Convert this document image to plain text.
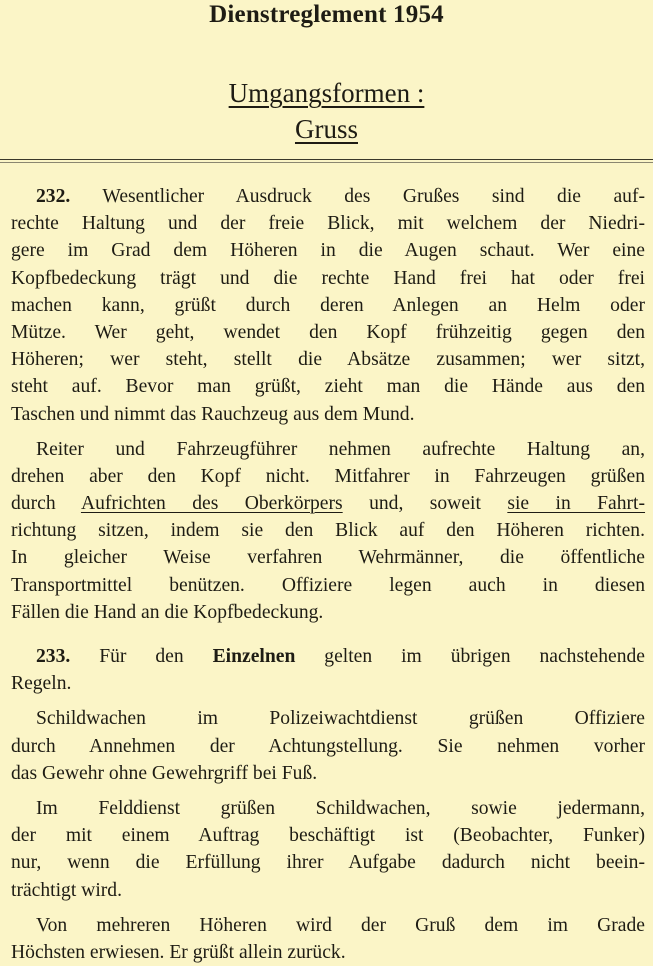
Dienstreglement 1954
Umgangsformen :
Gruss
232. Wesentlicher Ausdruck des Grußes sind die auf-
rechte Haltung und der freie Blick, mit welchem der Niedri-
gere im Grad dem Höheren in die Augen schaut. Wer eine
Kopfbedeckung trägt und die rechte Hand frei hat oder frei
machen kann, grüßt durch deren Anlegen an Helm oder
Mütze. Wer geht, wendet den Kopf frühzeitig gegen den
Höheren; wer steht, stellt die Absätze zusammen; wer sitzt,
steht auf. Bevor man grüßt, zieht man die Hände aus den
Taschen und nimmt das Rauchzeug aus dem Mund.
Reiter und Fahrzeugführer nehmen aufrechte Haltung an,
drehen aber den Kopf nicht. Mitfahrer in Fahrzeugen grüßen
durch Aufrichten des Oberkörpers und, soweit sie in Fahrt-
richtung sitzen, indem sie den Blick auf den Höheren richten.
In gleicher Weise verfahren Wehrmänner, die öffentliche
Transportmittel benützen. Offiziere legen auch in diesen
Fällen die Hand an die Kopfbedeckung.
233. Für den Einzelnen gelten im übrigen nachstehende
Regeln.
Schildwachen im Polizeiwachtdienst grüßen Offiziere
durch Annehmen der Achtungstellung. Sie nehmen vorher
das Gewehr ohne Gewehrgriff bei Fuß.
Im Felddienst grüßen Schildwachen, sowie jedermann,
der mit einem Auftrag beschäftigt ist (Beobachter, Funker)
nur, wenn die Erfüllung ihrer Aufgabe dadurch nicht beein-
trächtigt wird.
Von mehreren Höheren wird der Gruß dem im Grade
Höchsten erwiesen. Er grüßt allein zurück.
